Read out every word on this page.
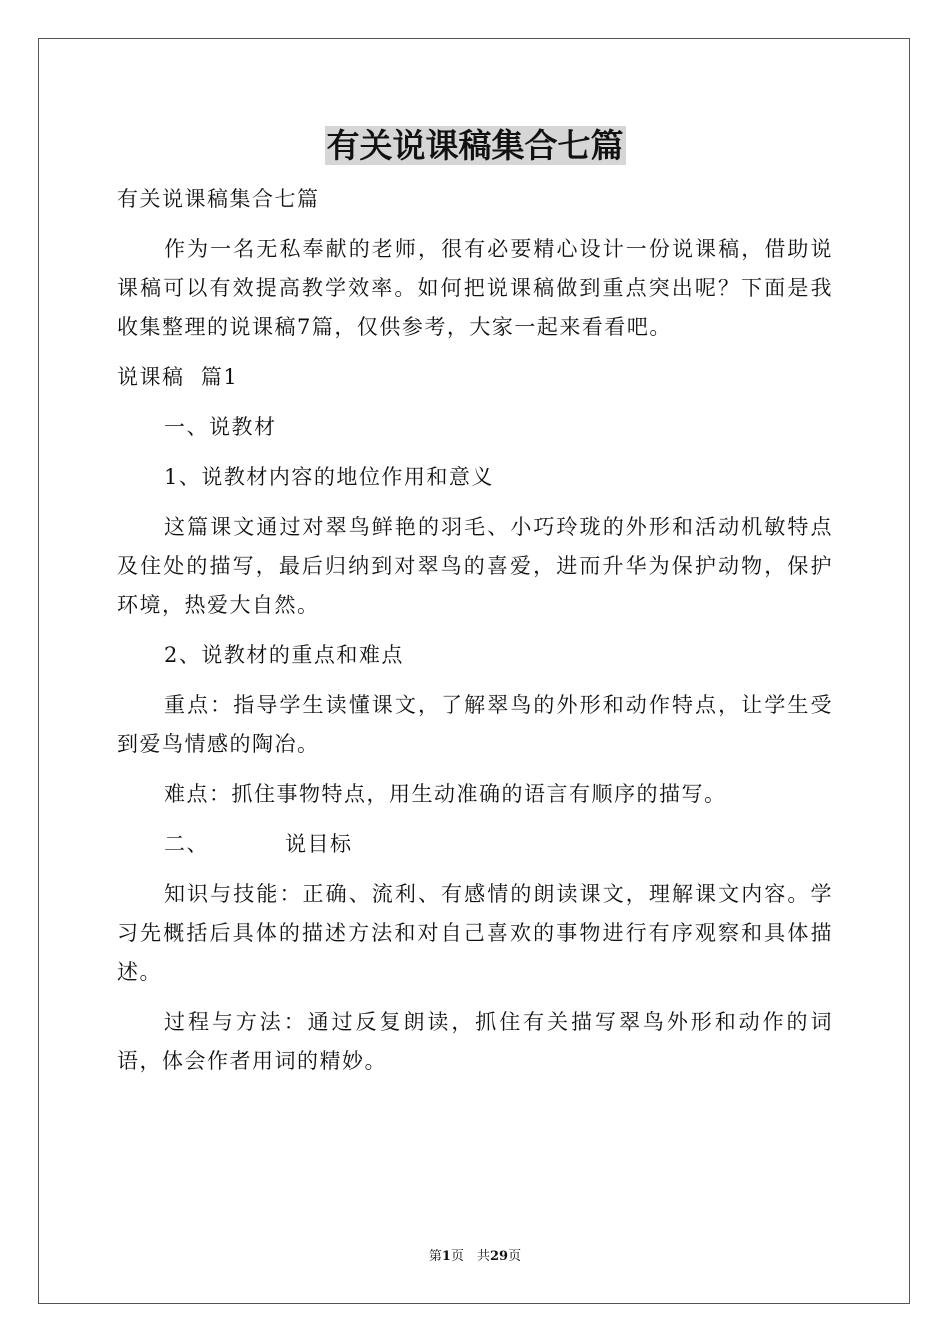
有关说课稿集合七篇

有关说课稿集合七篇

作为一名无私奉献的老师，很有必要精心设计一份说课稿，借助说课稿可以有效提高教学效率。如何把说课稿做到重点突出呢？下面是我收集整理的说课稿7篇，仅供参考，大家一起来看看吧。

说课稿  篇1

一、说教材

1、说教材内容的地位作用和意义

这篇课文通过对翠鸟鲜艳的羽毛、小巧玲珑的外形和活动机敏特点及住处的描写，最后归纳到对翠鸟的喜爱，进而升华为保护动物，保护环境，热爱大自然。

2、说教材的重点和难点

重点：指导学生读懂课文，了解翠鸟的外形和动作特点，让学生受到爱鸟情感的陶冶。

难点：抓住事物特点，用生动准确的语言有顺序的描写。

二、	说目标

知识与技能：正确、流利、有感情的朗读课文，理解课文内容。学习先概括后具体的描述方法和对自己喜欢的事物进行有序观察和具体描述。

过程与方法：通过反复朗读，抓住有关描写翠鸟外形和动作的词语，体会作者用词的精妙。

第1页　共29页
